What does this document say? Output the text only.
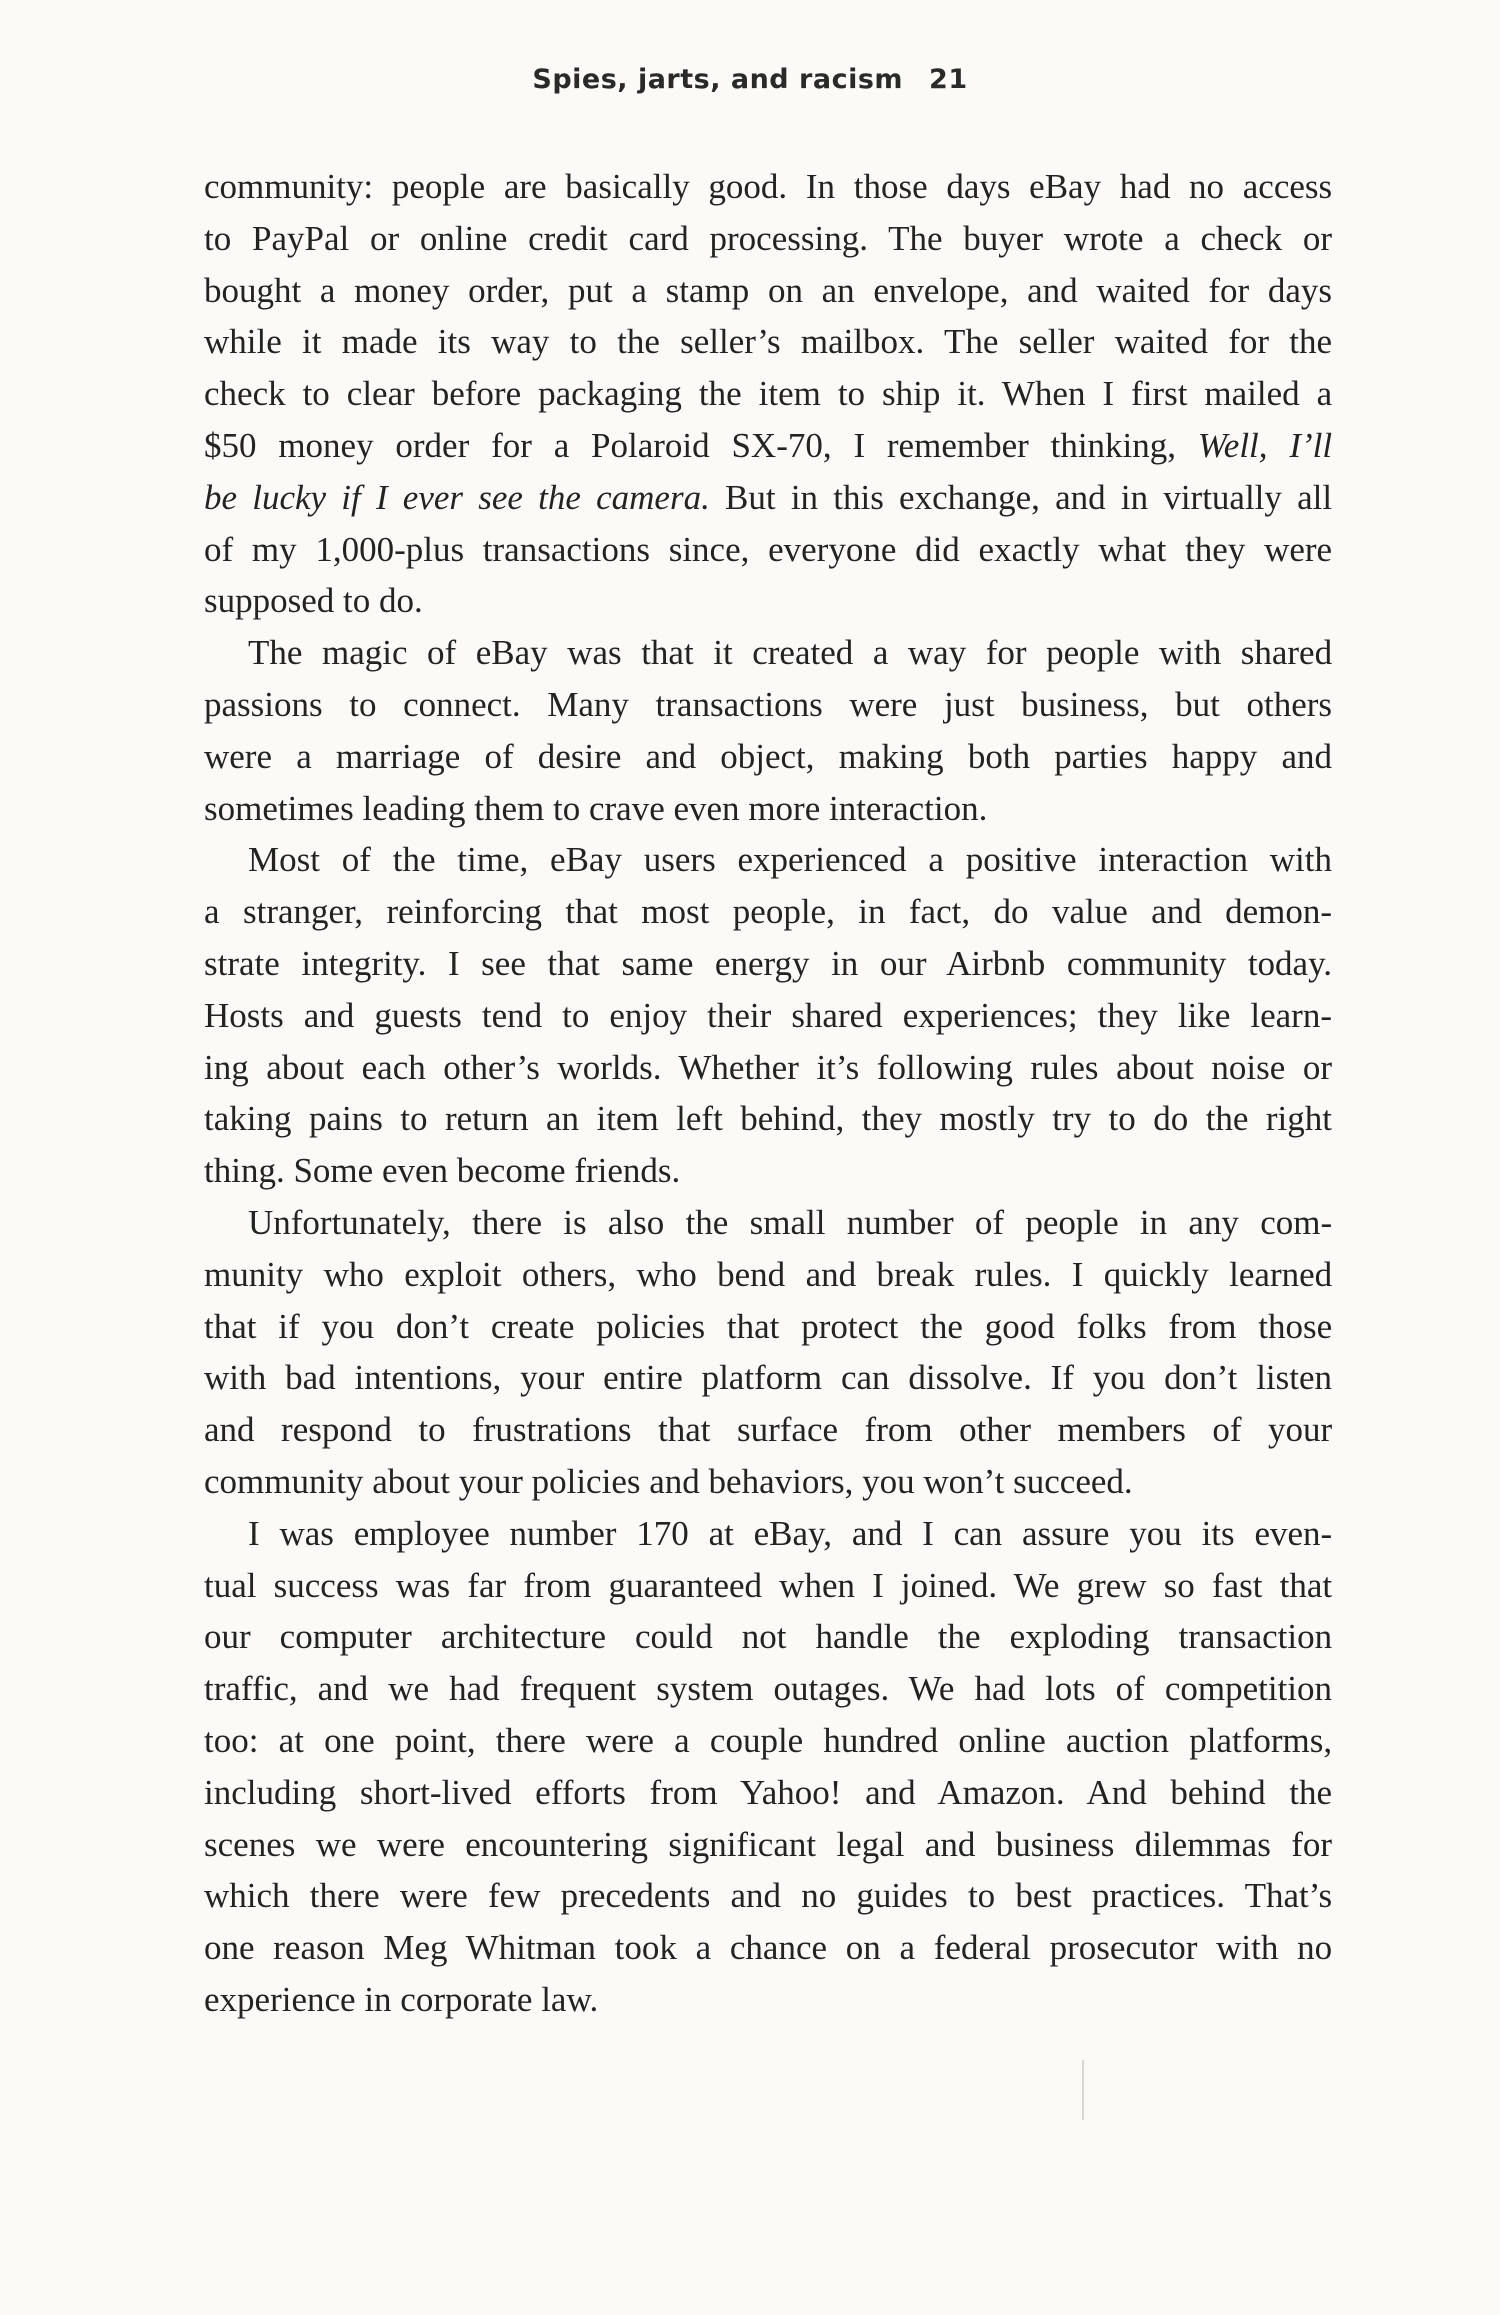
Spies, jarts, and racism 21
community: people are basically good. In those days eBay had no access
to PayPal or online credit card processing. The buyer wrote a check or
bought a money order, put a stamp on an envelope, and waited for days
while it made its way to the seller’s mailbox. The seller waited for the
check to clear before packaging the item to ship it. When I first mailed a
$50 money order for a Polaroid SX-70, I remember thinking, Well, I’ll
be lucky if I ever see the camera. But in this exchange, and in virtually all
of my 1,000-plus transactions since, everyone did exactly what they were
supposed to do.
The magic of eBay was that it created a way for people with shared
passions to connect. Many transactions were just business, but others
were a marriage of desire and object, making both parties happy and
sometimes leading them to crave even more interaction.
Most of the time, eBay users experienced a positive interaction with
a stranger, reinforcing that most people, in fact, do value and demon-
strate integrity. I see that same energy in our Airbnb community today.
Hosts and guests tend to enjoy their shared experiences; they like learn-
ing about each other’s worlds. Whether it’s following rules about noise or
taking pains to return an item left behind, they mostly try to do the right
thing. Some even become friends.
Unfortunately, there is also the small number of people in any com-
munity who exploit others, who bend and break rules. I quickly learned
that if you don’t create policies that protect the good folks from those
with bad intentions, your entire platform can dissolve. If you don’t listen
and respond to frustrations that surface from other members of your
community about your policies and behaviors, you won’t succeed.
I was employee number 170 at eBay, and I can assure you its even-
tual success was far from guaranteed when I joined. We grew so fast that
our computer architecture could not handle the exploding transaction
traffic, and we had frequent system outages. We had lots of competition
too: at one point, there were a couple hundred online auction platforms,
including short-lived efforts from Yahoo! and Amazon. And behind the
scenes we were encountering significant legal and business dilemmas for
which there were few precedents and no guides to best practices. That’s
one reason Meg Whitman took a chance on a federal prosecutor with no
experience in corporate law.
